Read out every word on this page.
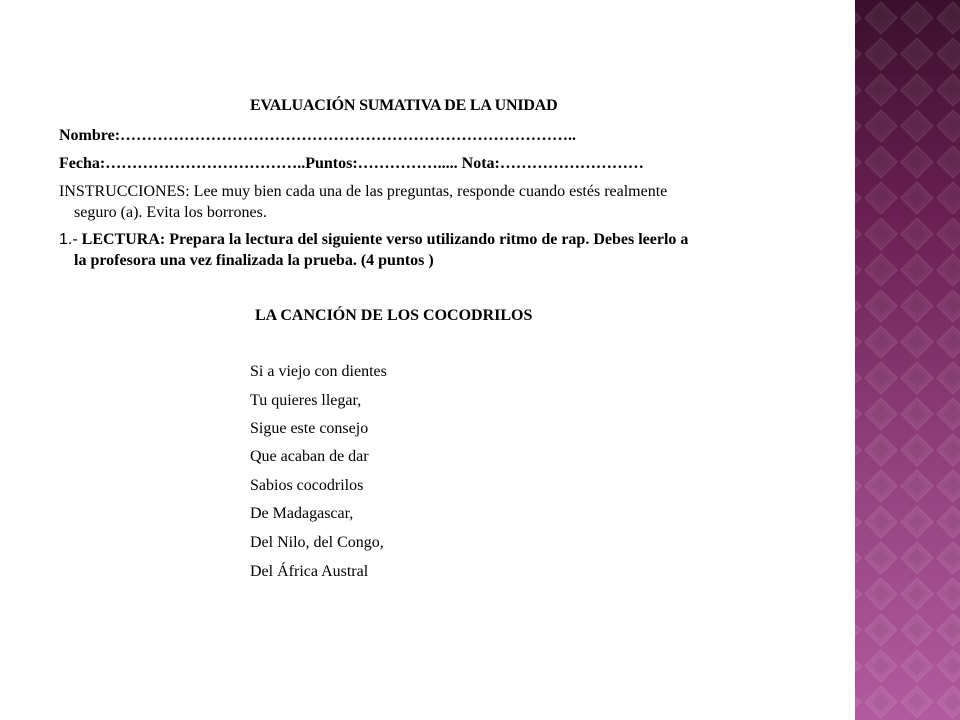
EVALUACIÓN SUMATIVA DE LA UNIDAD
Nombre:…………………………………………………………………………..
Fecha:………………………………..Puntos:……………..... Nota:………………………
INSTRUCCIONES: Lee muy bien cada una de las preguntas, responde cuando estés realmente
seguro (a). Evita los borrones.
1.- LECTURA: Prepara la lectura del siguiente verso utilizando ritmo de rap. Debes leerlo a
la profesora una vez finalizada la prueba. (4 puntos )
LA CANCIÓN DE LOS COCODRILOS
Si a viejo con dientes
Tu quieres llegar,
Sigue este consejo
Que acaban de dar
Sabios cocodrilos
De Madagascar,
Del Nilo, del Congo,
Del África Austral
